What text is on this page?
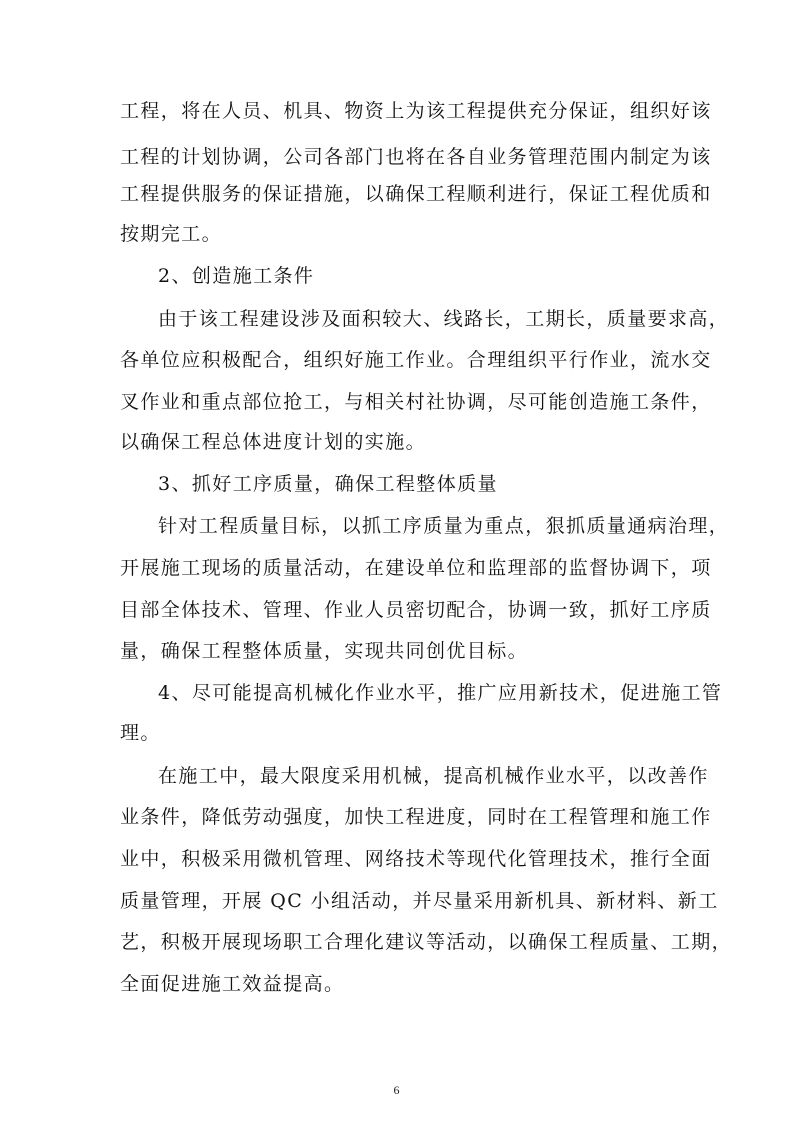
工程，将在人员、机具、物资上为该工程提供充分保证，组织好该
工程的计划协调，公司各部门也将在各自业务管理范围内制定为该
工程提供服务的保证措施，以确保工程顺利进行，保证工程优质和
按期完工。
2、创造施工条件
由于该工程建设涉及面积较大、线路长，工期长，质量要求高，
各单位应积极配合，组织好施工作业。合理组织平行作业，流水交
叉作业和重点部位抢工，与相关村社协调，尽可能创造施工条件，
以确保工程总体进度计划的实施。
3、抓好工序质量，确保工程整体质量
针对工程质量目标，以抓工序质量为重点，狠抓质量通病治理，
开展施工现场的质量活动，在建设单位和监理部的监督协调下，项
目部全体技术、管理、作业人员密切配合，协调一致，抓好工序质
量，确保工程整体质量，实现共同创优目标。
4、尽可能提高机械化作业水平，推广应用新技术，促进施工管
理。
在施工中，最大限度采用机械，提高机械作业水平，以改善作
业条件，降低劳动强度，加快工程进度，同时在工程管理和施工作
业中，积极采用微机管理、网络技术等现代化管理技术，推行全面
质量管理，开展 QC 小组活动，并尽量采用新机具、新材料、新工
艺，积极开展现场职工合理化建议等活动，以确保工程质量、工期，
全面促进施工效益提高。
6
